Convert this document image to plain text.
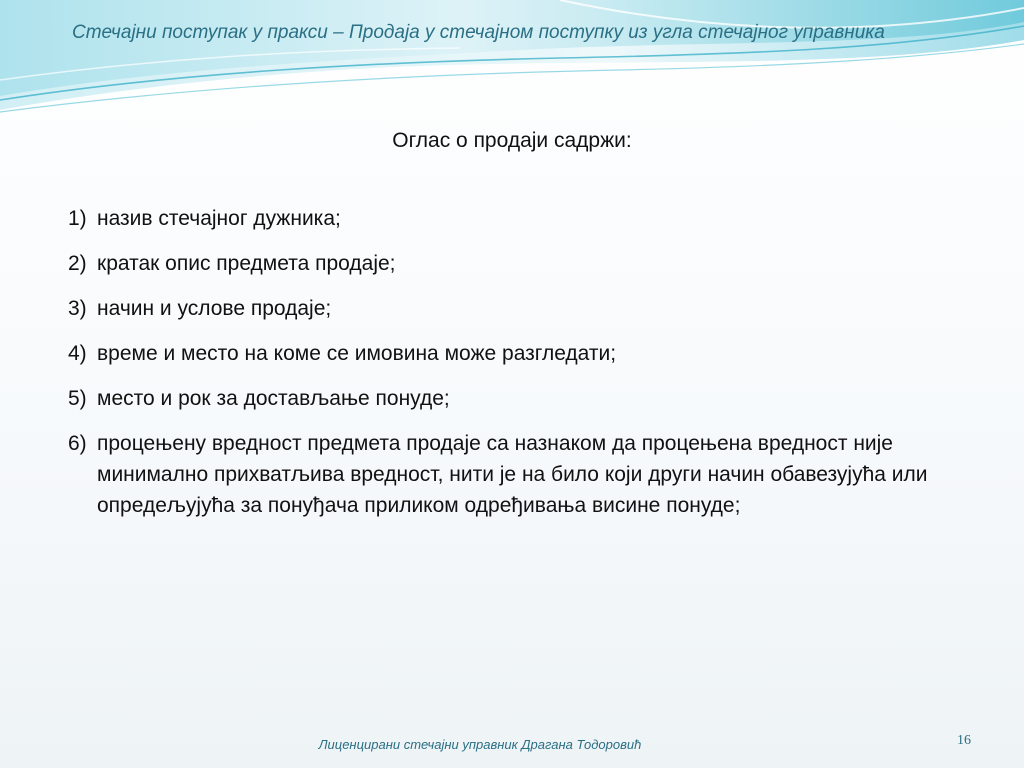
Стечајни поступак у пракси – Продаја у стечајном поступку из угла стечајног управника
Оглас о продаји садржи:
1) назив стечајног дужника;
2) кратак опис предмета продаје;
3) начин и услове продаје;
4) време и место на коме се имовина може разгледати;
5) место и рок за достављање понуде;
6) процењену вредност предмета продаје са назнаком да процењена вредност није минимално прихватљива вредност, нити је на било који други начин обавезујућа или опредељујућа за понуђача приликом одређивања висине понуде;
Лиценцирани стечајни управник Драгана Тодоровић	16
